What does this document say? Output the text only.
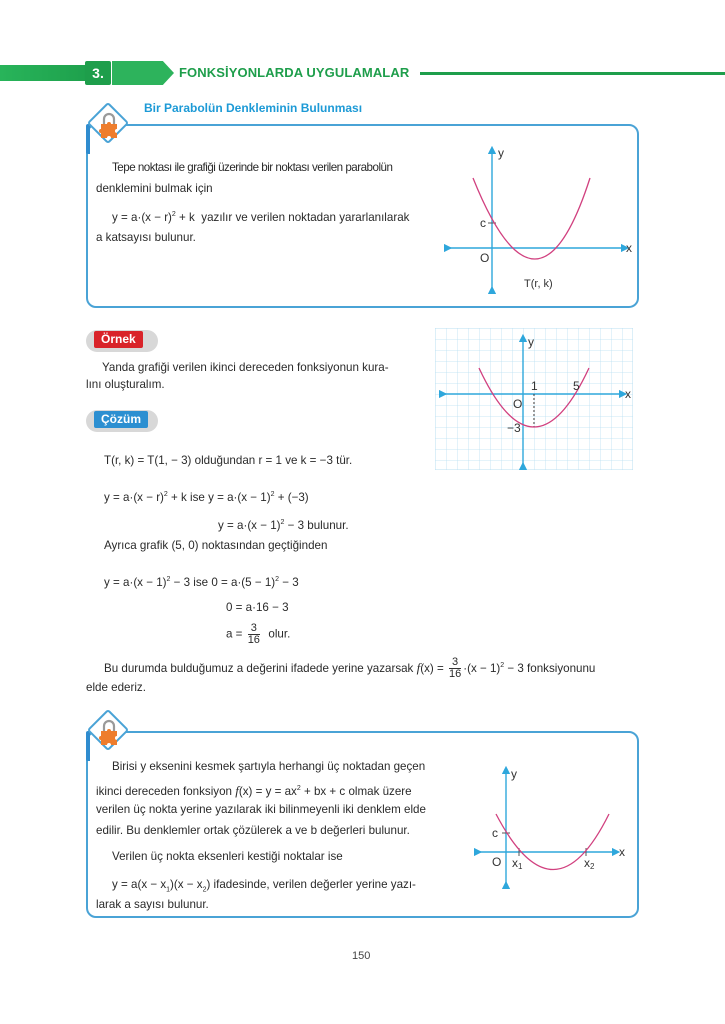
3.	FONKSİYONLARDA UYGULAMALAR
Bir Parabolün Denkleminin Bulunması
Tepe noktası ile grafiği üzerinde bir noktası verilen parabolün
denklemini bulmak için
$y = a\cdot(x - r)^2 + k$ yazılır ve verilen noktadan yararlanılarak
a katsayısı bulunur.
y
x
O
c
T(r, k)
Örnek
Yanda grafiği verilen ikinci dereceden fonksiyonun kura-
lını oluşturalım.
y
x
O
1	5
−3
Çözüm
T(r, k) = T(1, − 3) olduğundan r = 1 ve k = −3 tür.
$y = a\cdot(x - r)^2 + k$ ise $y = a\cdot(x - 1)^2 + (-3)$
$y = a\cdot(x - 1)^2 - 3$ bulunur.
Ayrıca grafik (5, 0) noktasından geçtiğinden
$y = a\cdot(x - 1)^2 - 3$ ise $0 = a\cdot(5 - 1)^2 - 3$
0 = a·16 − 3
$a = \frac{3}{16}$ olur.
Bu durumda bulduğumuz a değerini ifadede yerine yazarsak $f(x) = \frac{3}{16} \cdot(x - 1)^2 - 3$ fonksiyonunu
elde ederiz.
Birisi y eksenini kesmek şartıyla herhangi üç noktadan geçen
ikinci dereceden fonksiyon $f(x) = y = ax^2$ + bx + c olmak üzere
verilen üç nokta yerine yazılarak iki bilinmeyenli iki denklem elde
edilir. Bu denklemler ortak çözülerek a ve b değerleri bulunur.
Verilen üç nokta eksenleri kestiği noktalar ise
$y = a(x - x_1)(x - x_2)$ ifadesinde, verilen değerler yerine yazı-
larak a sayısı bulunur.
y
x
O
c
x1	x2
150
